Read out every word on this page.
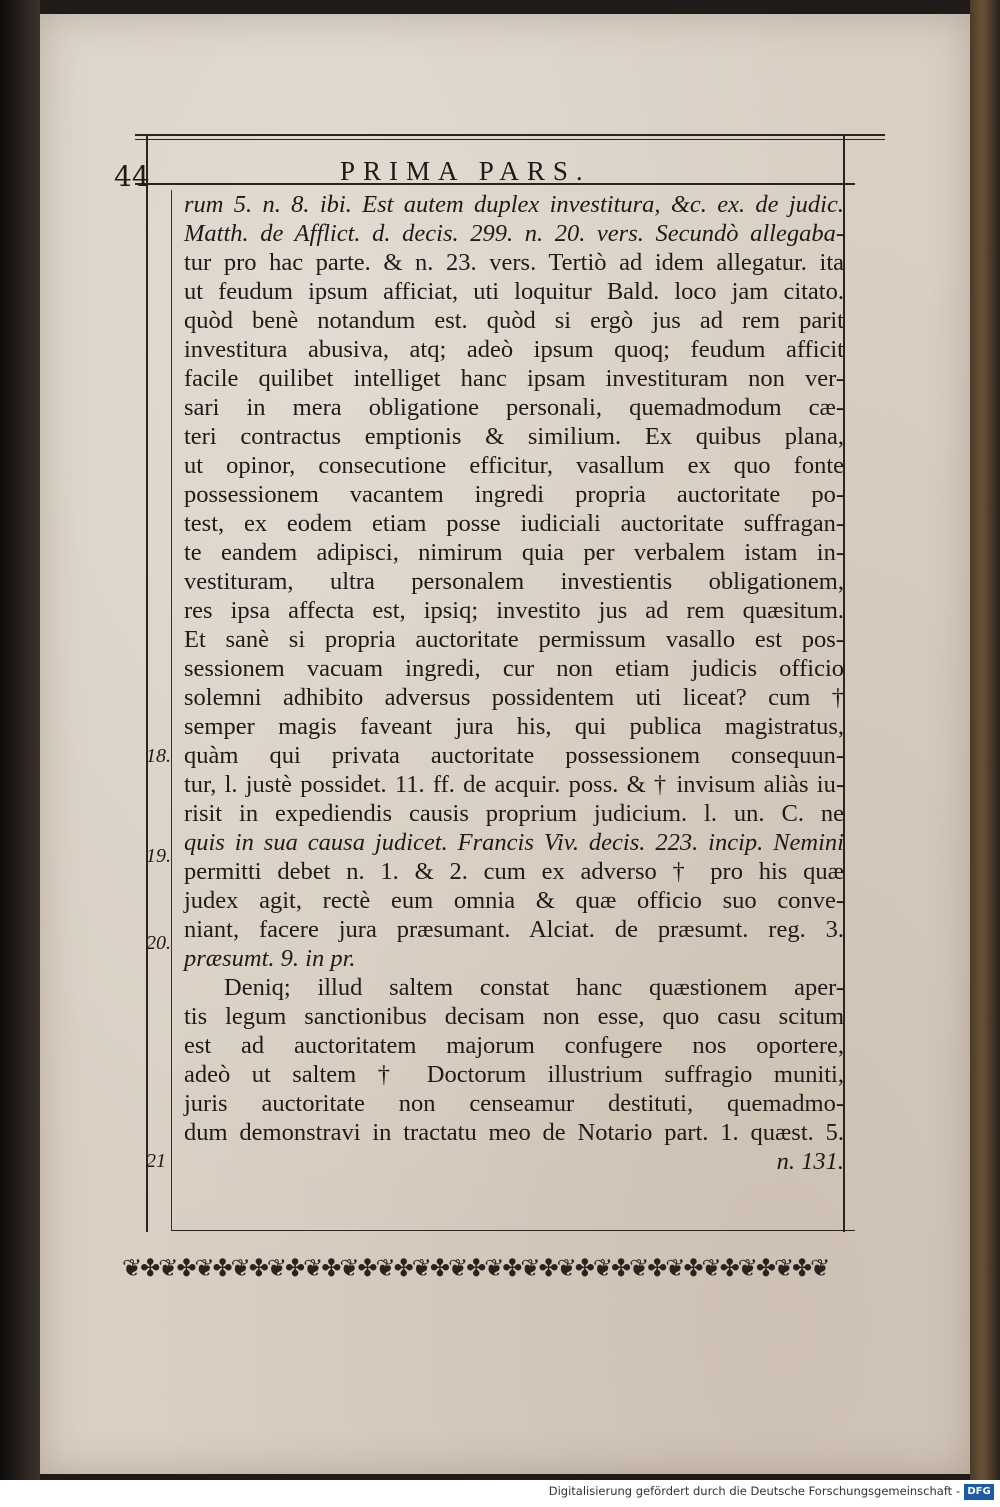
44	PRIMA PARS.
rum 5. n. 8. ibi. Est autem duplex investitura, &c. ex. de judic.
Matth. de Afflict. d. decis. 299. n. 20. vers. Secundò allegaba-
tur pro hac parte. & n. 23. vers. Tertiò ad idem allegatur. ita
ut feudum ipsum afficiat, uti loquitur Bald. loco jam citato.
quòd benè notandum est. quòd si ergò jus ad rem parit
investitura abusiva, atq; adeò ipsum quoq; feudum afficit
facile quilibet intelliget hanc ipsam investituram non ver-
sari in mera obligatione personali, quemadmodum cæ-
teri contractus emptionis & similium. Ex quibus plana,
ut opinor, consecutione efficitur, vasallum ex quo fonte
possessionem vacantem ingredi propria auctoritate po-
test, ex eodem etiam posse iudiciali auctoritate suffragan-
te eandem adipisci, nimirum quia per verbalem istam in-
vestituram, ultra personalem investientis obligationem,
res ipsa affecta est, ipsiq; investito jus ad rem quæsitum.
Et sanè si propria auctoritate permissum vasallo est pos-
sessionem vacuam ingredi, cur non etiam judicis officio
solemni adhibito adversus possidentem uti liceat? cum †
semper magis faveant jura his, qui publica magistratus,
quàm qui privata auctoritate possessionem consequun-
tur, l. justè possidet. 11. ff. de acquir. poss. & † invisum aliàs iu-
risit in expediendis causis proprium judicium. l. un. C. ne
quis in sua causa judicet. Francis Viv. decis. 223. incip. Nemini
permitti debet n. 1. & 2. cum ex adverso † pro his quæ
judex agit, rectè eum omnia & quæ officio suo conve-
niant, facere jura præsumant. Alciat. de præsumt. reg. 3.
præsumt. 9. in pr.
Deniq; illud saltem constat hanc quæstionem aper-
tis legum sanctionibus decisam non esse, quo casu scitum
est ad auctoritatem majorum confugere nos oportere,
adeò ut saltem † Doctorum illustrium suffragio muniti,
juris auctoritate non censeamur destituti, quemadmo-
dum demonstravi in tractatu meo de Notario part. 1. quæst. 5.
n. 131.
18.
19.
20.
21
❦✤❦✤❦✤❦✤❦✤❦✤❦✤❦✤❦✤❦✤❦✤❦✤❦✤❦✤❦✤❦✤❦✤❦✤❦✤❦
Digitalisierung gefördert durch die Deutsche Forschungsgemeinschaft - DFG
